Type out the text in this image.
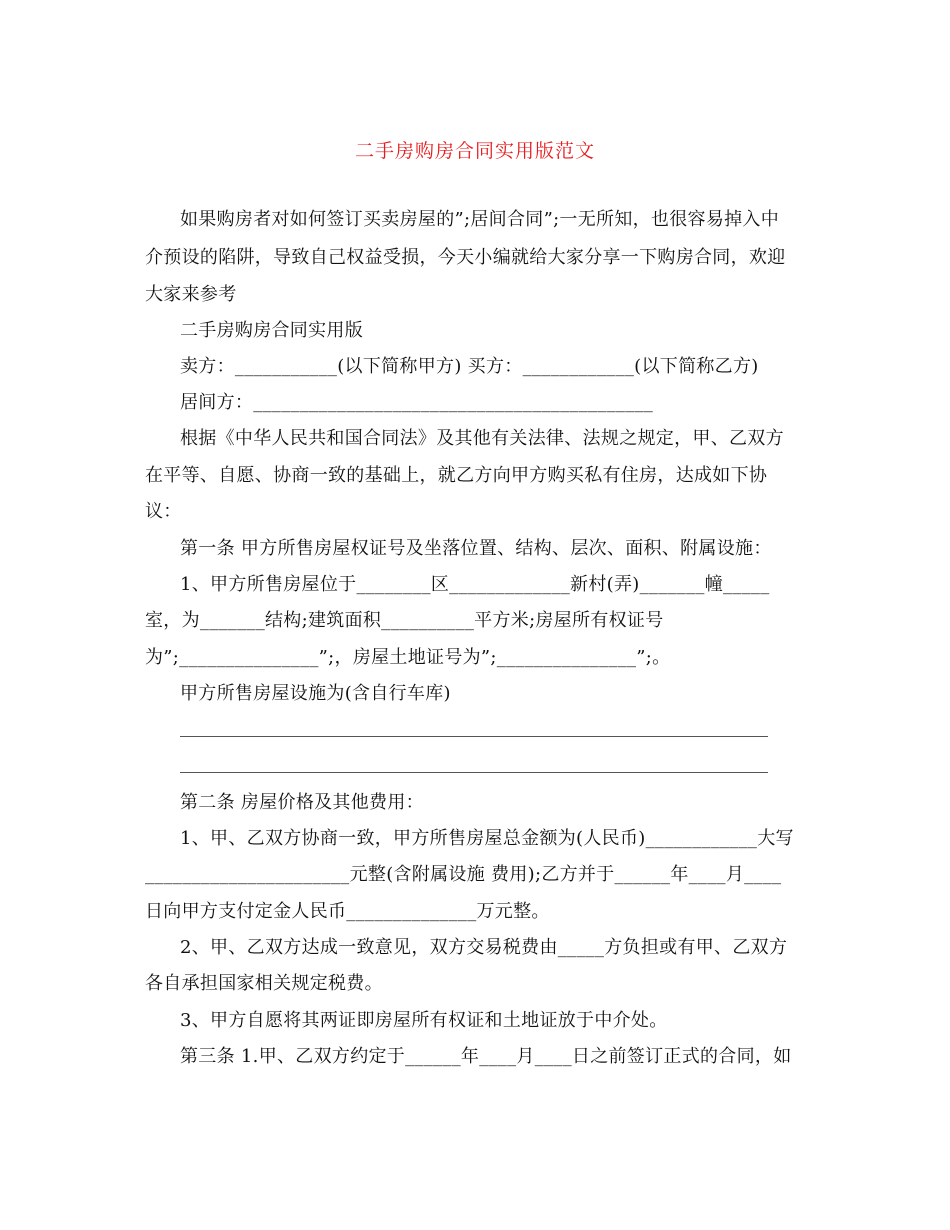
二手房购房合同实用版范文
如果购房者对如何签订买卖房屋的”;居间合同”;一无所知，也很容易掉入中
介预设的陷阱，导致自己权益受损，今天小编就给大家分享一下购房合同，欢迎
大家来参考
二手房购房合同实用版
卖方：___________(以下简称甲方) 买方：____________(以下简称乙方)
居间方：___________________________________________
根据《中华人民共和国合同法》及其他有关法律、法规之规定，甲、乙双方
在平等、自愿、协商一致的基础上，就乙方向甲方购买私有住房，达成如下协
议：
第一条 甲方所售房屋权证号及坐落位置、结构、层次、面积、附属设施：
1、甲方所售房屋位于________区_____________新村(弄)_______幢_____
室，为_______结构;建筑面积__________平方米;房屋所有权证号
为”;_______________”;，房屋土地证号为”;_______________”;。
甲方所售房屋设施为(含自行车库)
第二条 房屋价格及其他费用：
1、甲、乙双方协商一致，甲方所售房屋总金额为(人民币)____________大写
______________________元整(含附属设施 费用);乙方并于______年____月____
日向甲方支付定金人民币______________万元整。
2、甲、乙双方达成一致意见，双方交易税费由_____方负担或有甲、乙双方
各自承担国家相关规定税费。
3、甲方自愿将其两证即房屋所有权证和土地证放于中介处。
第三条 1.甲、乙双方约定于______年____月____日之前签订正式的合同，如
